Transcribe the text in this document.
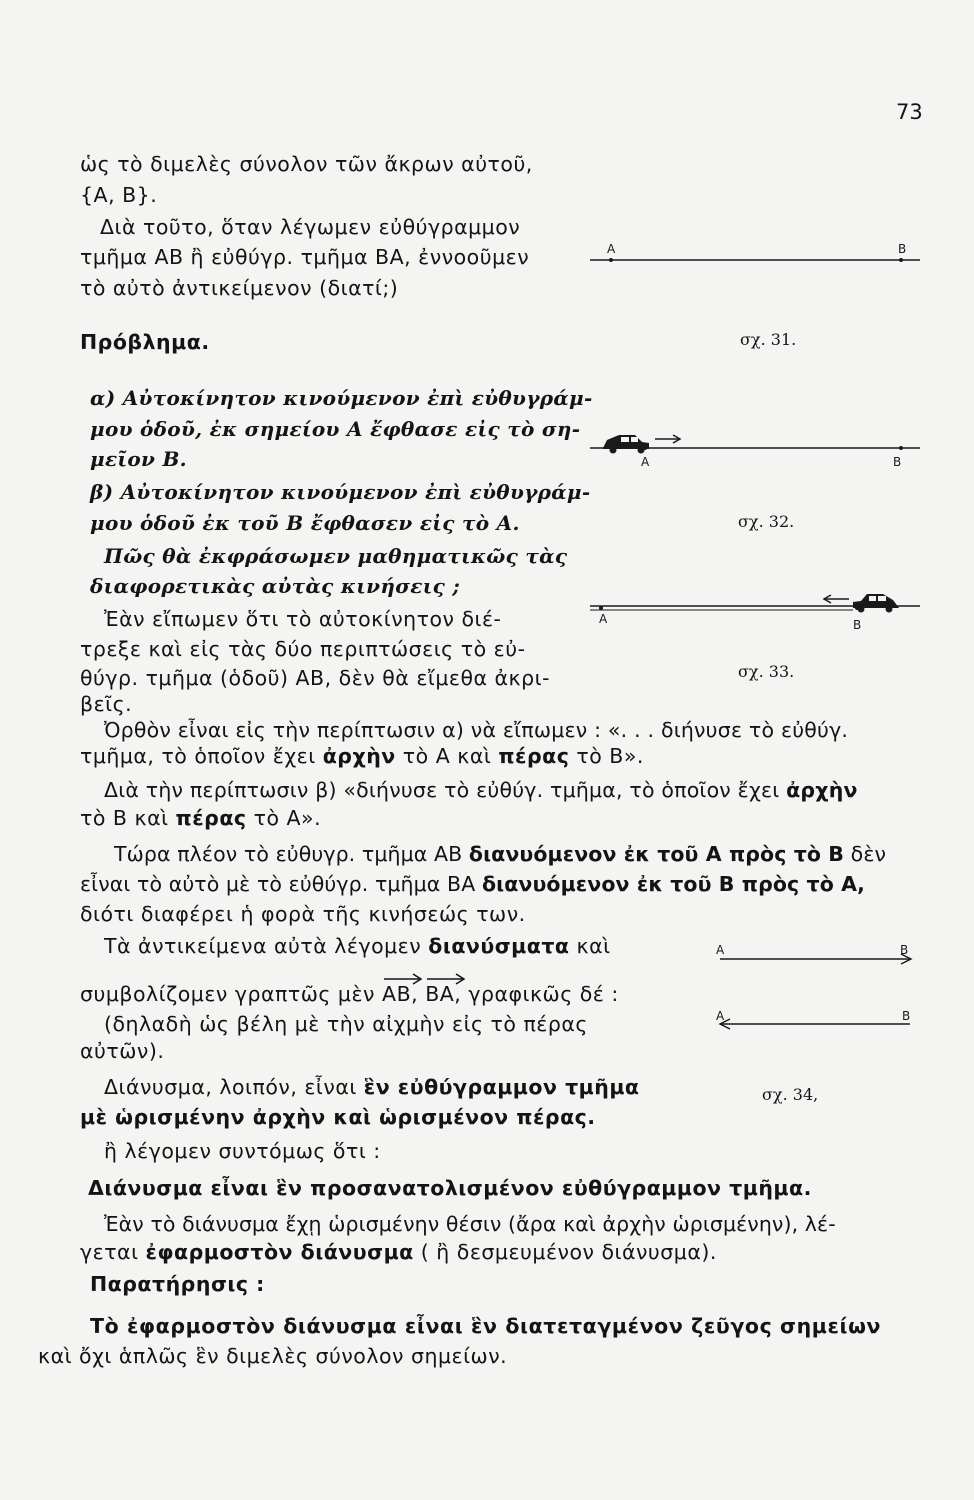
73
ὡς τὸ διμελὲς σύνολον τῶν ἄκρων αὐτοῦ,
{A, B}.
Διὰ τοῦτο, ὅταν λέγωμεν εὐθύγραμμον
τμῆμα ΑΒ ἢ εὐθύγρ. τμῆμα ΒΑ, ἐννοοῦμεν
τὸ αὐτὸ ἀντικείμενον (διατί;)
Πρόβλημα.
α) Αὐτοκίνητον κινούμενον ἐπὶ εὐθυγράμ-
μου ὁδοῦ, ἐκ σημείου Α ἔφθασε εἰς τὸ ση-
μεῖον Β.
β) Αὐτοκίνητον κινούμενον ἐπὶ εὐθυγράμ-
μου ὁδοῦ ἐκ τοῦ Β ἔφθασεν εἰς τὸ Α.
Πῶς θὰ ἐκφράσωμεν μαθηματικῶς τὰς
διαφορετικὰς αὐτὰς κινήσεις ;
Ἐὰν εἴπωμεν ὅτι τὸ αὐτοκίνητον διέ-
τρεξε καὶ εἰς τὰς δύο περιπτώσεις τὸ εὐ-
θύγρ. τμῆμα (ὁδοῦ) ΑΒ, δὲν θὰ εἴμεθα ἀκρι-
βεῖς.
Ὀρθὸν εἶναι εἰς τὴν περίπτωσιν α) νὰ εἴπωμεν : «. . . διήνυσε τὸ εὐθύγ.
τμῆμα, τὸ ὁποῖον ἔχει ἀρχὴν τὸ Α καὶ πέρας τὸ Β».
Διὰ τὴν περίπτωσιν β) «διήνυσε τὸ εὐθύγ. τμῆμα, τὸ ὁποῖον ἔχει ἀρχὴν
τὸ Β καὶ πέρας τὸ Α».
Τώρα πλέον τὸ εὐθυγρ. τμῆμα ΑΒ διανυόμενον ἐκ τοῦ Α πρὸς τὸ Β δὲν
εἶναι τὸ αὐτὸ μὲ τὸ εὐθύγρ. τμῆμα ΒΑ διανυόμενον ἐκ τοῦ Β πρὸς τὸ Α,
διότι διαφέρει ἡ φορὰ τῆς κινήσεώς των.
Τὰ ἀντικείμενα αὐτὰ λέγομεν διανύσματα καὶ
συμβολίζομεν γραπτῶς μὲν ΑΒ, ΒΑ, γραφικῶς δέ :
(δηλαδὴ ὡς βέλη μὲ τὴν αἰχμὴν εἰς τὸ πέρας
αὐτῶν).
Διάνυσμα, λοιπόν, εἶναι ἓν εὐθύγραμμον τμῆμα
μὲ ὡρισμένην ἀρχὴν καὶ ὡρισμένον πέρας.
ἢ λέγομεν συντόμως ὅτι :
Διάνυσμα εἶναι ἓν προσανατολισμένον εὐθύγραμμον τμῆμα.
Ἐὰν τὸ διάνυσμα ἔχῃ ὡρισμένην θέσιν (ἄρα καὶ ἀρχὴν ὡρισμένην), λέ-
γεται ἐφαρμοστὸν διάνυσμα ( ἢ δεσμευμένον διάνυσμα).
Παρατήρησις :
Τὸ ἐφαρμοστὸν διάνυσμα εἶναι ἓν διατεταγμένον ζεῦγος σημείων
καὶ ὄχι ἁπλῶς ἓν διμελὲς σύνολον σημείων.
A	B
σχ. 31.
A	B
σχ. 32.
A	B
σχ. 33.
A	B
A	B
σχ. 34,
